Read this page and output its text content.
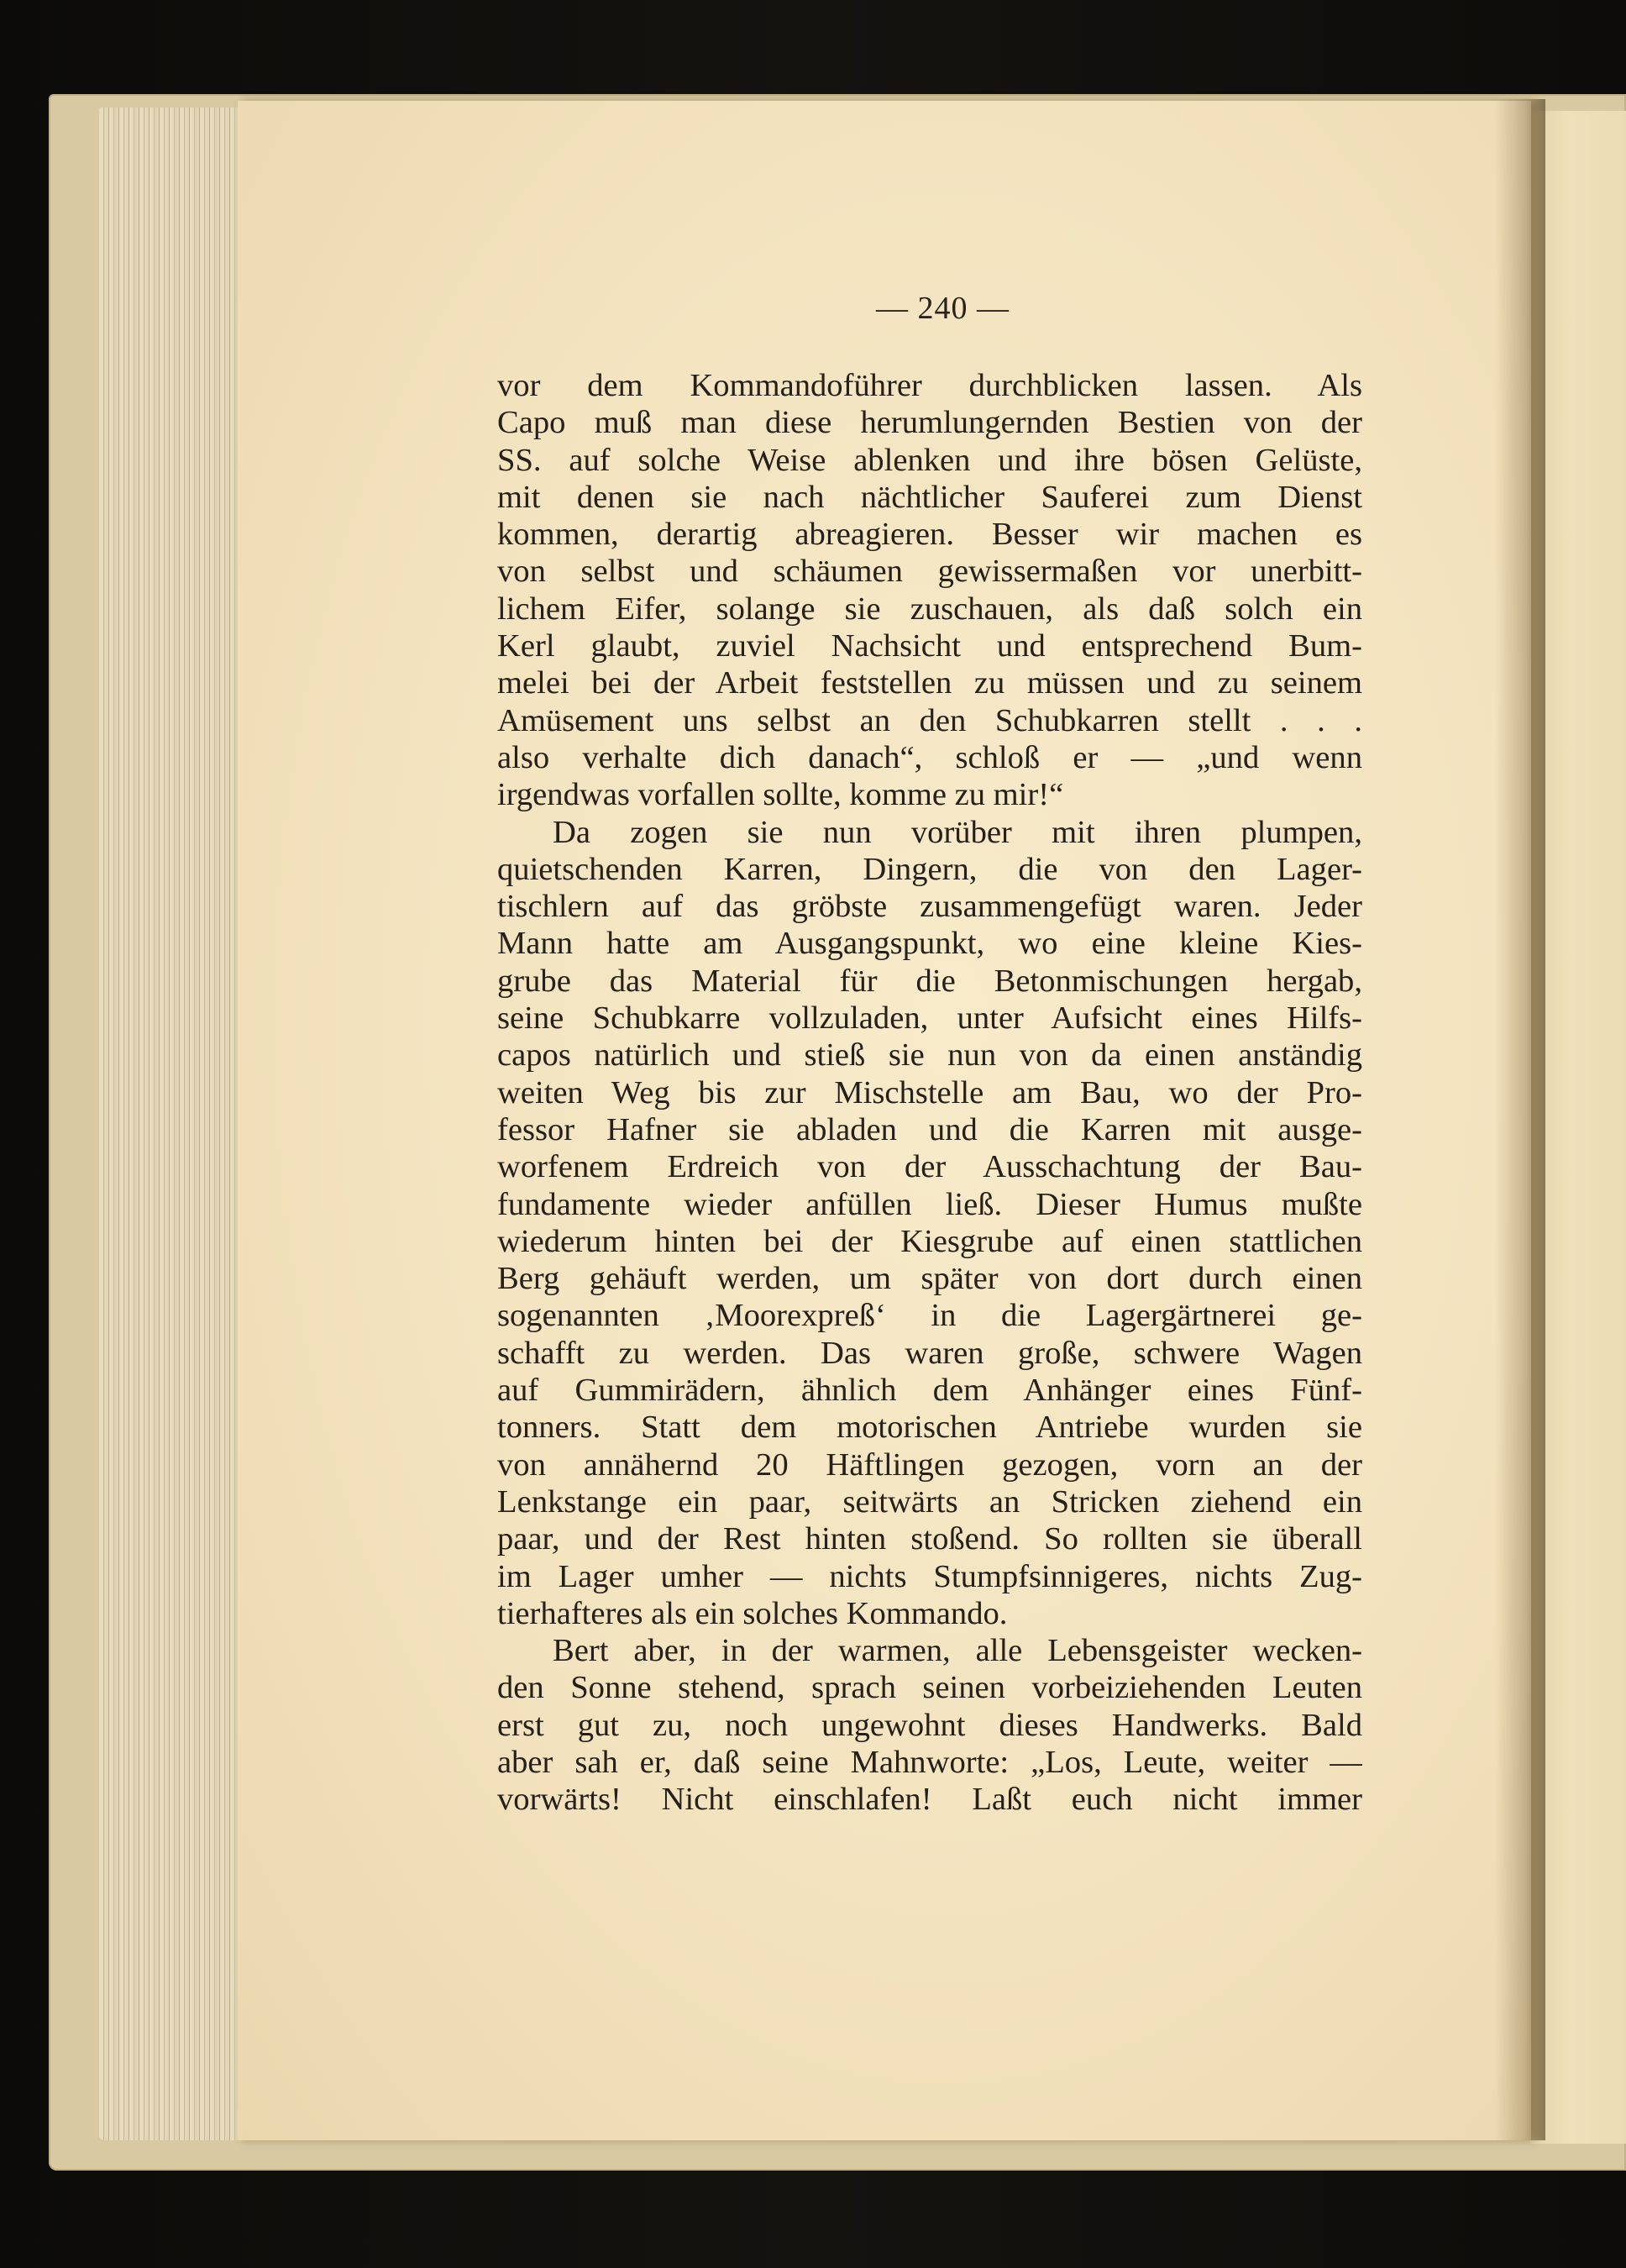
— 240 —
vor dem Kommandoführer durchblicken lassen. Als
Capo muß man diese herumlungernden Bestien von der
SS. auf solche Weise ablenken und ihre bösen Gelüste,
mit denen sie nach nächtlicher Sauferei zum Dienst
kommen, derartig abreagieren. Besser wir machen es
von selbst und schäumen gewissermaßen vor unerbitt-
lichem Eifer, solange sie zuschauen, als daß solch ein
Kerl glaubt, zuviel Nachsicht und entsprechend Bum-
melei bei der Arbeit feststellen zu müssen und zu seinem
Amüsement uns selbst an den Schubkarren stellt . . .
also verhalte dich danach“, schloß er — „und wenn
irgendwas vorfallen sollte, komme zu mir!“
Da zogen sie nun vorüber mit ihren plumpen,
quietschenden Karren, Dingern, die von den Lager-
tischlern auf das gröbste zusammengefügt waren. Jeder
Mann hatte am Ausgangspunkt, wo eine kleine Kies-
grube das Material für die Betonmischungen hergab,
seine Schubkarre vollzuladen, unter Aufsicht eines Hilfs-
capos natürlich und stieß sie nun von da einen anständig
weiten Weg bis zur Mischstelle am Bau, wo der Pro-
fessor Hafner sie abladen und die Karren mit ausge-
worfenem Erdreich von der Ausschachtung der Bau-
fundamente wieder anfüllen ließ. Dieser Humus mußte
wiederum hinten bei der Kiesgrube auf einen stattlichen
Berg gehäuft werden, um später von dort durch einen
sogenannten ‚Moorexpreß‘ in die Lagergärtnerei ge-
schafft zu werden. Das waren große, schwere Wagen
auf Gummirädern, ähnlich dem Anhänger eines Fünf-
tonners. Statt dem motorischen Antriebe wurden sie
von annähernd 20 Häftlingen gezogen, vorn an der
Lenkstange ein paar, seitwärts an Stricken ziehend ein
paar, und der Rest hinten stoßend. So rollten sie überall
im Lager umher — nichts Stumpfsinnigeres, nichts Zug-
tierhafteres als ein solches Kommando.
Bert aber, in der warmen, alle Lebensgeister wecken-
den Sonne stehend, sprach seinen vorbeiziehenden Leuten
erst gut zu, noch ungewohnt dieses Handwerks. Bald
aber sah er, daß seine Mahnworte: „Los, Leute, weiter —
vorwärts! Nicht einschlafen! Laßt euch nicht immer
